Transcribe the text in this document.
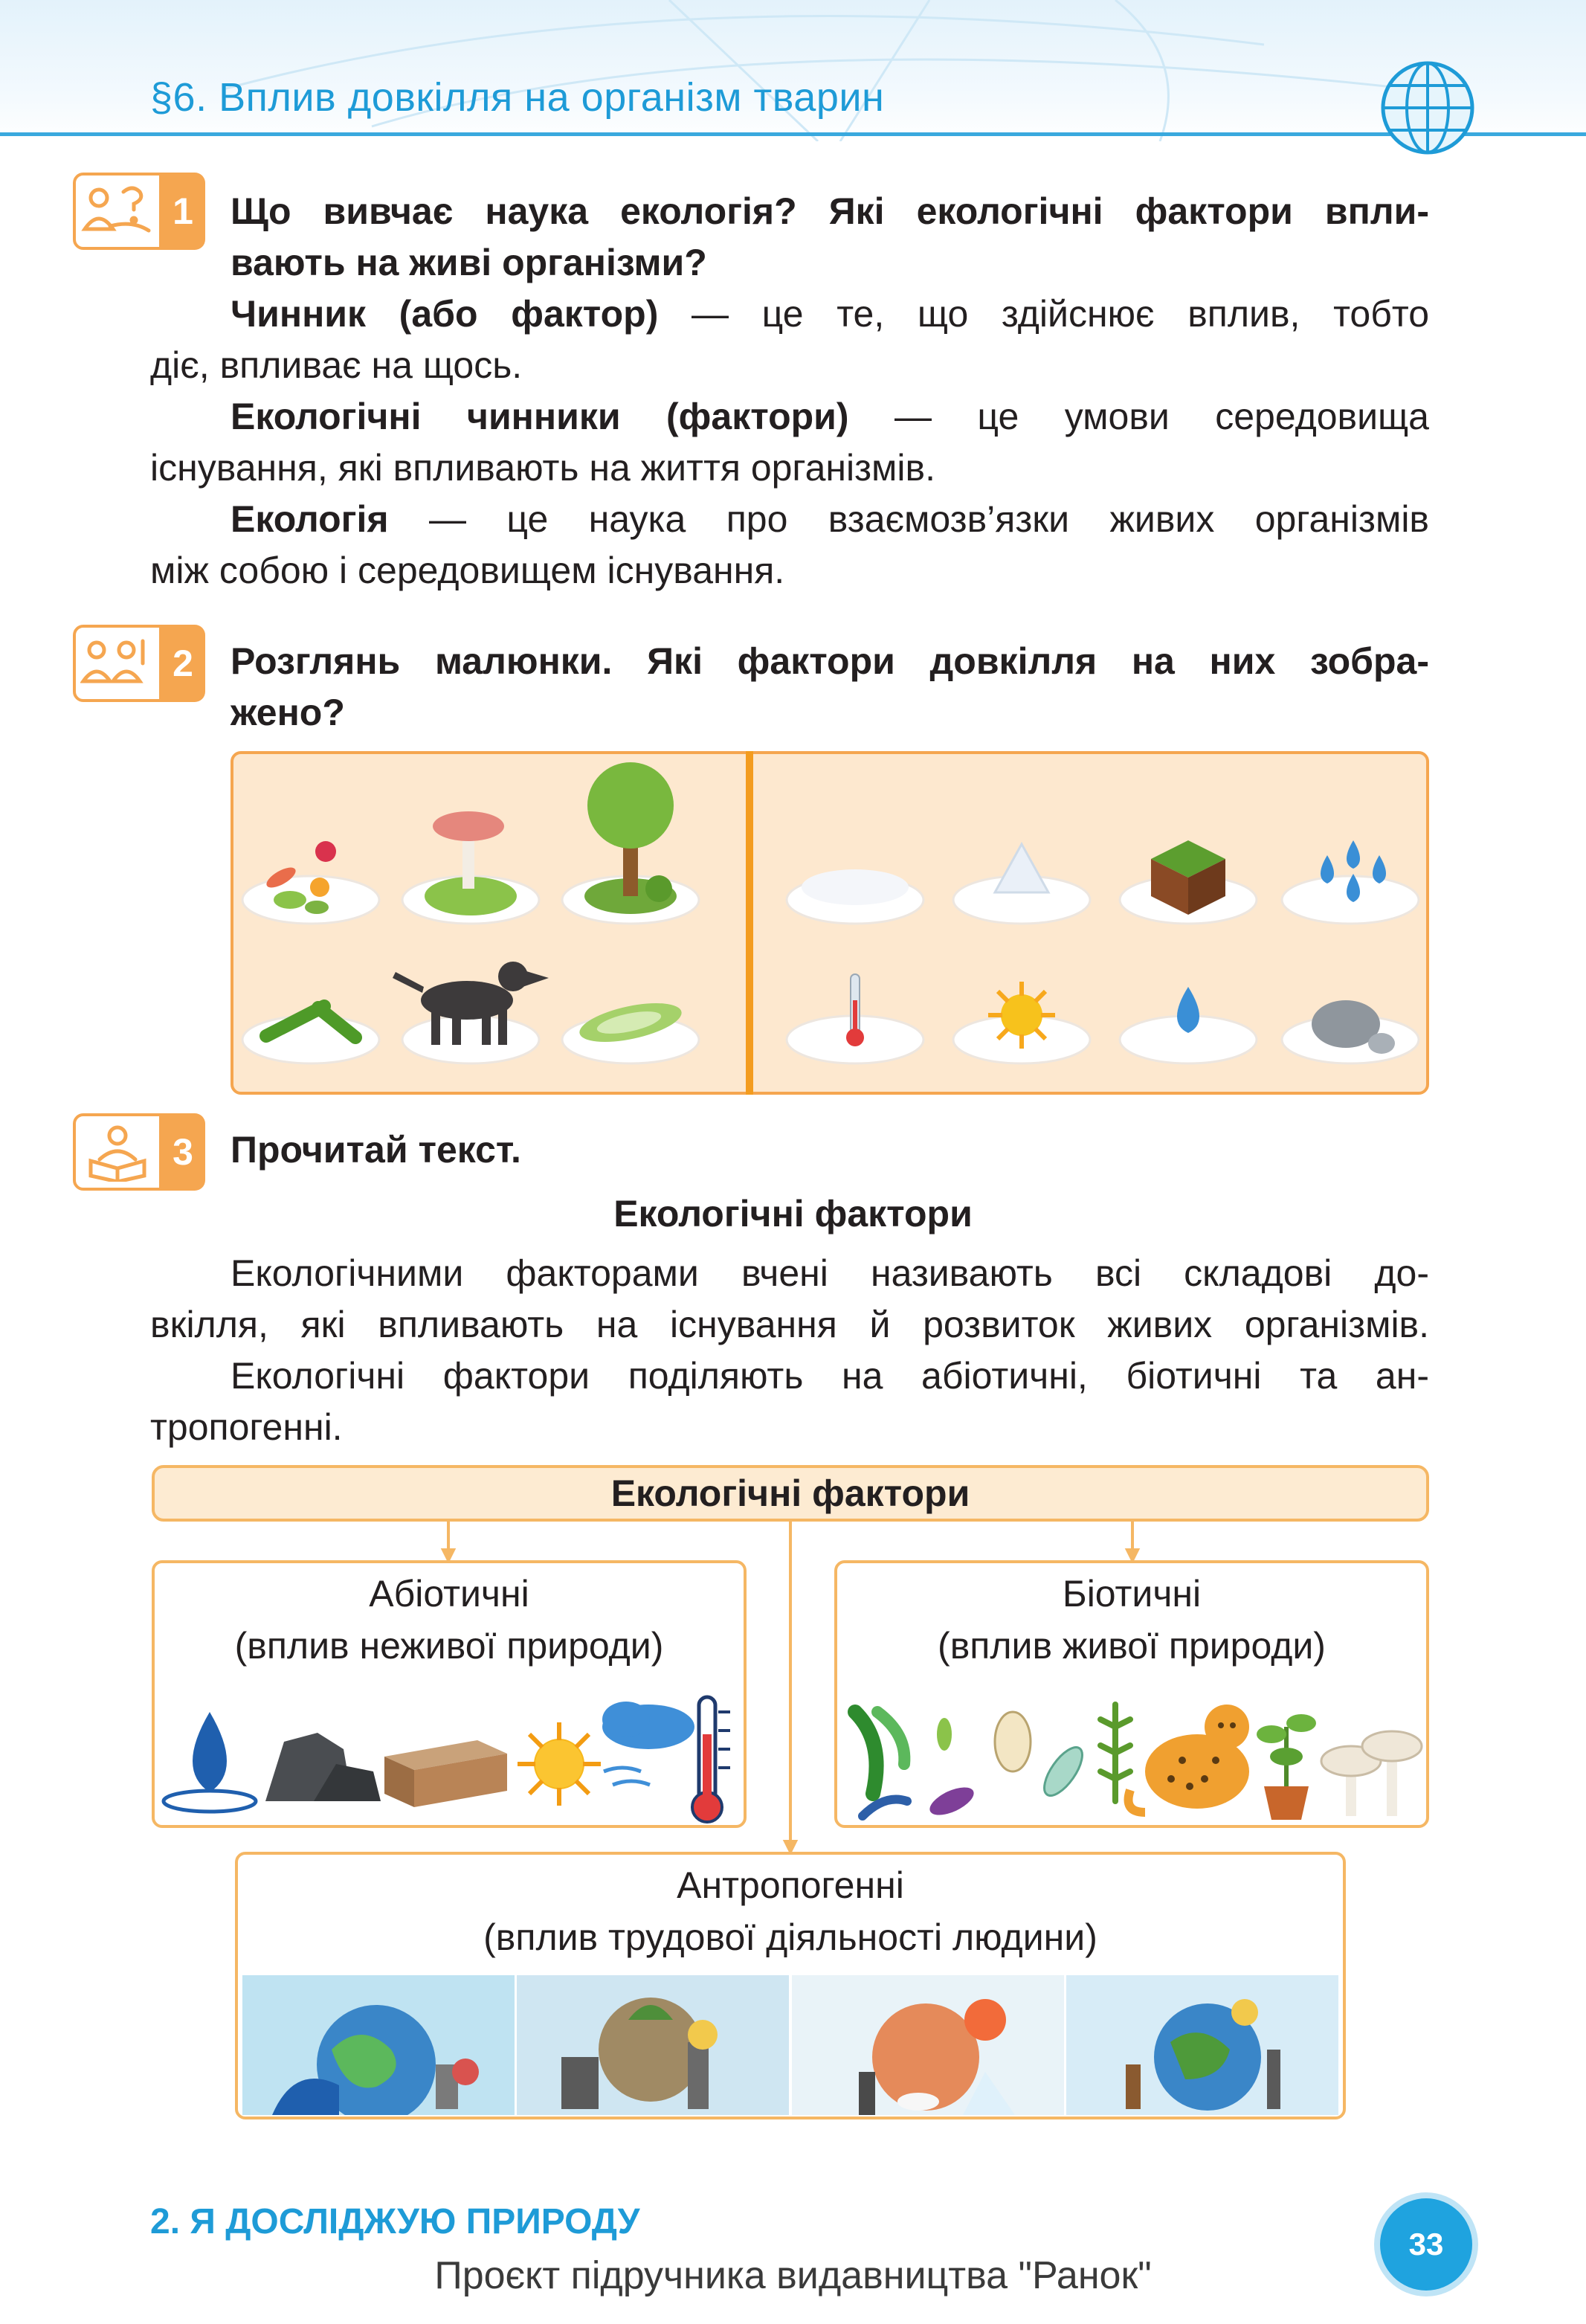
§6. Вплив довкілля на організм тварин
1	Що вивчає наука екологія? Які екологічні фактори впли-
вають на живі організми?
Чинник (або фактор) — це те, що здійснює вплив, тобто
діє, впливає на щось.
Екологічні чинники (фактори) — це умови середовища
існування, які впливають на життя організмів.
Екологія — це наука про взаємозв’язки живих організмів
між собою і середовищем існування.
2	Розглянь малюнки. Які фактори довкілля на них зобра-
жено?
3	Прочитай текст.
Екологічні фактори
Екологічними факторами вчені називають всі складові до-
вкілля, які впливають на існування й розвиток живих організмів.
Екологічні фактори поділяють на абіотичні, біотичні та ан-
тропогенні.
Екологічні фактори
Абіотичні
(вплив неживої природи)
Біотичні
(вплив живої природи)
Антропогенні
(вплив трудової діяльності людини)
2. Я ДОСЛІДЖУЮ ПРИРОДУ
33
Проєкт підручника видавництва "Ранок"
